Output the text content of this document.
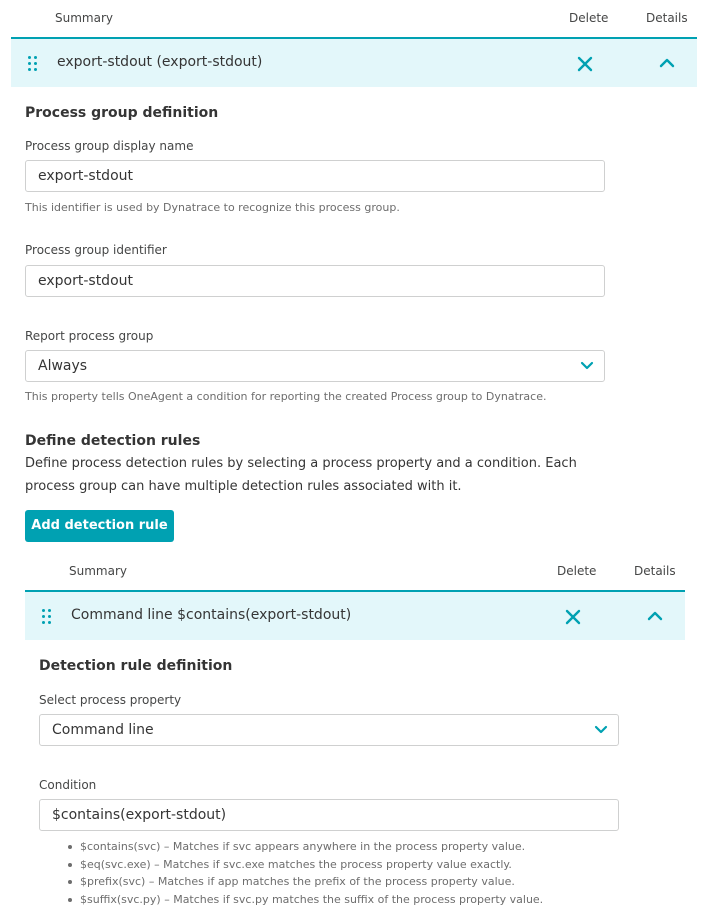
Summary	Delete	Details
export-stdout (export-stdout)
Process group definition
Process group display name
export-stdout
This identifier is used by Dynatrace to recognize this process group.
Process group identifier
export-stdout
Report process group
Always
This property tells OneAgent a condition for reporting the created Process group to Dynatrace.
Define detection rules
Define process detection rules by selecting a process property and a condition. Each process group can have multiple detection rules associated with it.
Add detection rule
Summary	Delete	Details
Command line $contains(export-stdout)
Detection rule definition
Select process property
Command line
Condition
$contains(export-stdout)
$contains(svc) – Matches if svc appears anywhere in the process property value.
$eq(svc.exe) – Matches if svc.exe matches the process property value exactly.
$prefix(svc) – Matches if app matches the prefix of the process property value.
$suffix(svc.py) – Matches if svc.py matches the suffix of the process property value.
